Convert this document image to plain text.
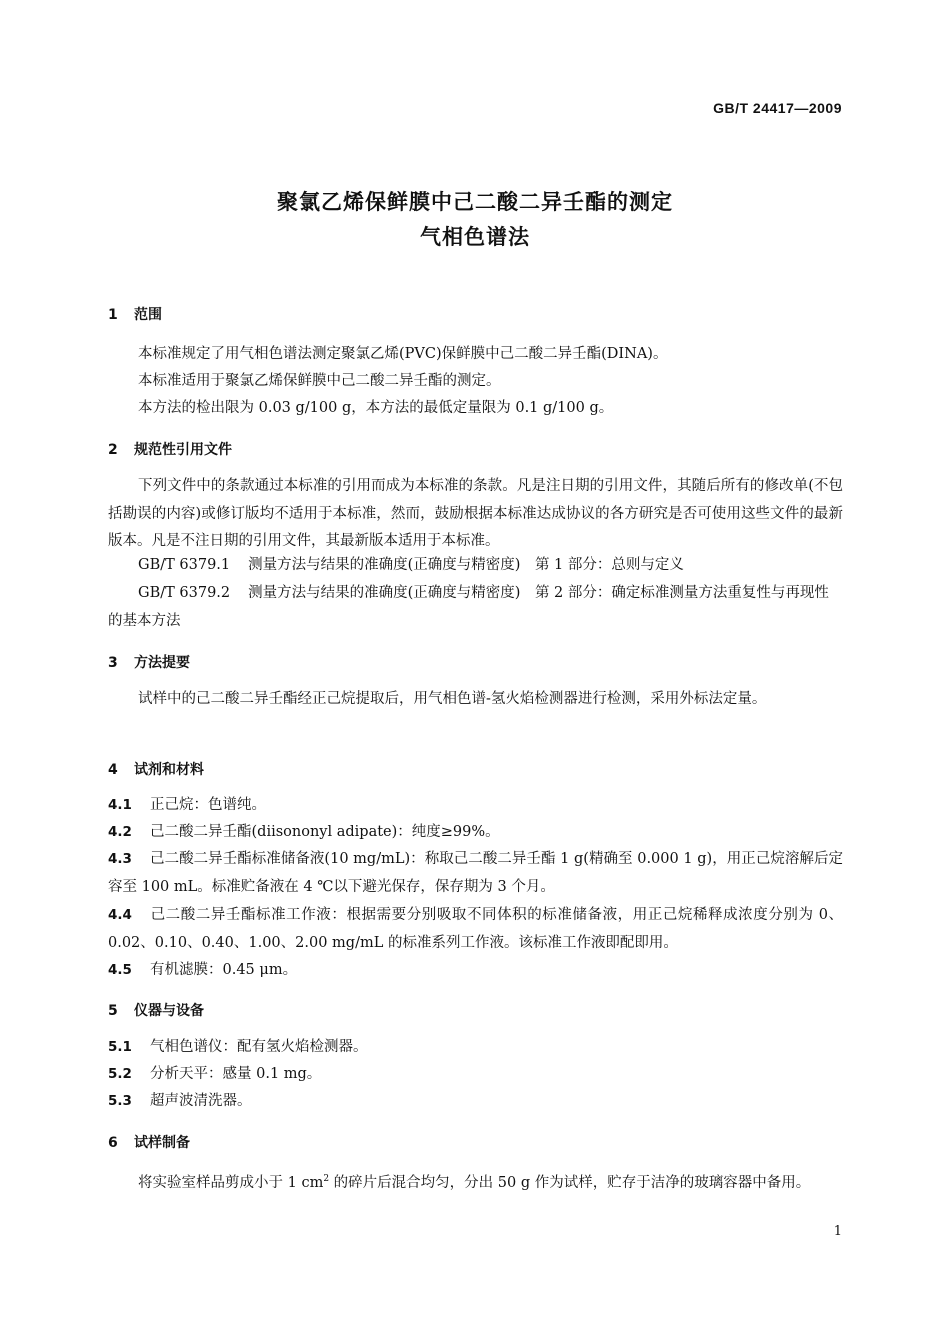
GB/T 24417—2009
聚氯乙烯保鲜膜中己二酸二异壬酯的测定
气相色谱法
1 范围
本标准规定了用气相色谱法测定聚氯乙烯(PVC)保鲜膜中己二酸二异壬酯(DINA)。
本标准适用于聚氯乙烯保鲜膜中己二酸二异壬酯的测定。
本方法的检出限为 0.03 g/100 g，本方法的最低定量限为 0.1 g/100 g。
2 规范性引用文件
下列文件中的条款通过本标准的引用而成为本标准的条款。凡是注日期的引用文件，其随后所有的修改单(不包括勘误的内容)或修订版均不适用于本标准，然而，鼓励根据本标准达成协议的各方研究是否可使用这些文件的最新版本。凡是不注日期的引用文件，其最新版本适用于本标准。
GB/T 6379.1 测量方法与结果的准确度(正确度与精密度)　第 1 部分：总则与定义
GB/T 6379.2 测量方法与结果的准确度(正确度与精密度)　第 2 部分：确定标准测量方法重复性与再现性的基本方法
3 方法提要
试样中的己二酸二异壬酯经正己烷提取后，用气相色谱-氢火焰检测器进行检测，采用外标法定量。
4 试剂和材料
4.1 正己烷：色谱纯。
4.2 己二酸二异壬酯(diisononyl adipate)：纯度≥99%。
4.3 己二酸二异壬酯标准储备液(10 mg/mL)：称取己二酸二异壬酯 1 g(精确至 0.000 1 g)，用正己烷溶解后定容至 100 mL。标准贮备液在 4 ℃以下避光保存，保存期为 3 个月。
4.4 己二酸二异壬酯标准工作液：根据需要分别吸取不同体积的标准储备液，用正己烷稀释成浓度分别为 0、0.02、0.10、0.40、1.00、2.00 mg/mL 的标准系列工作液。该标准工作液即配即用。
4.5 有机滤膜：0.45 μm。
5 仪器与设备
5.1 气相色谱仪：配有氢火焰检测器。
5.2 分析天平：感量 0.1 mg。
5.3 超声波清洗器。
6 试样制备
将实验室样品剪成小于 1 $cm^2$ 的碎片后混合均匀，分出 50 g 作为试样，贮存于洁净的玻璃容器中备用。
1
